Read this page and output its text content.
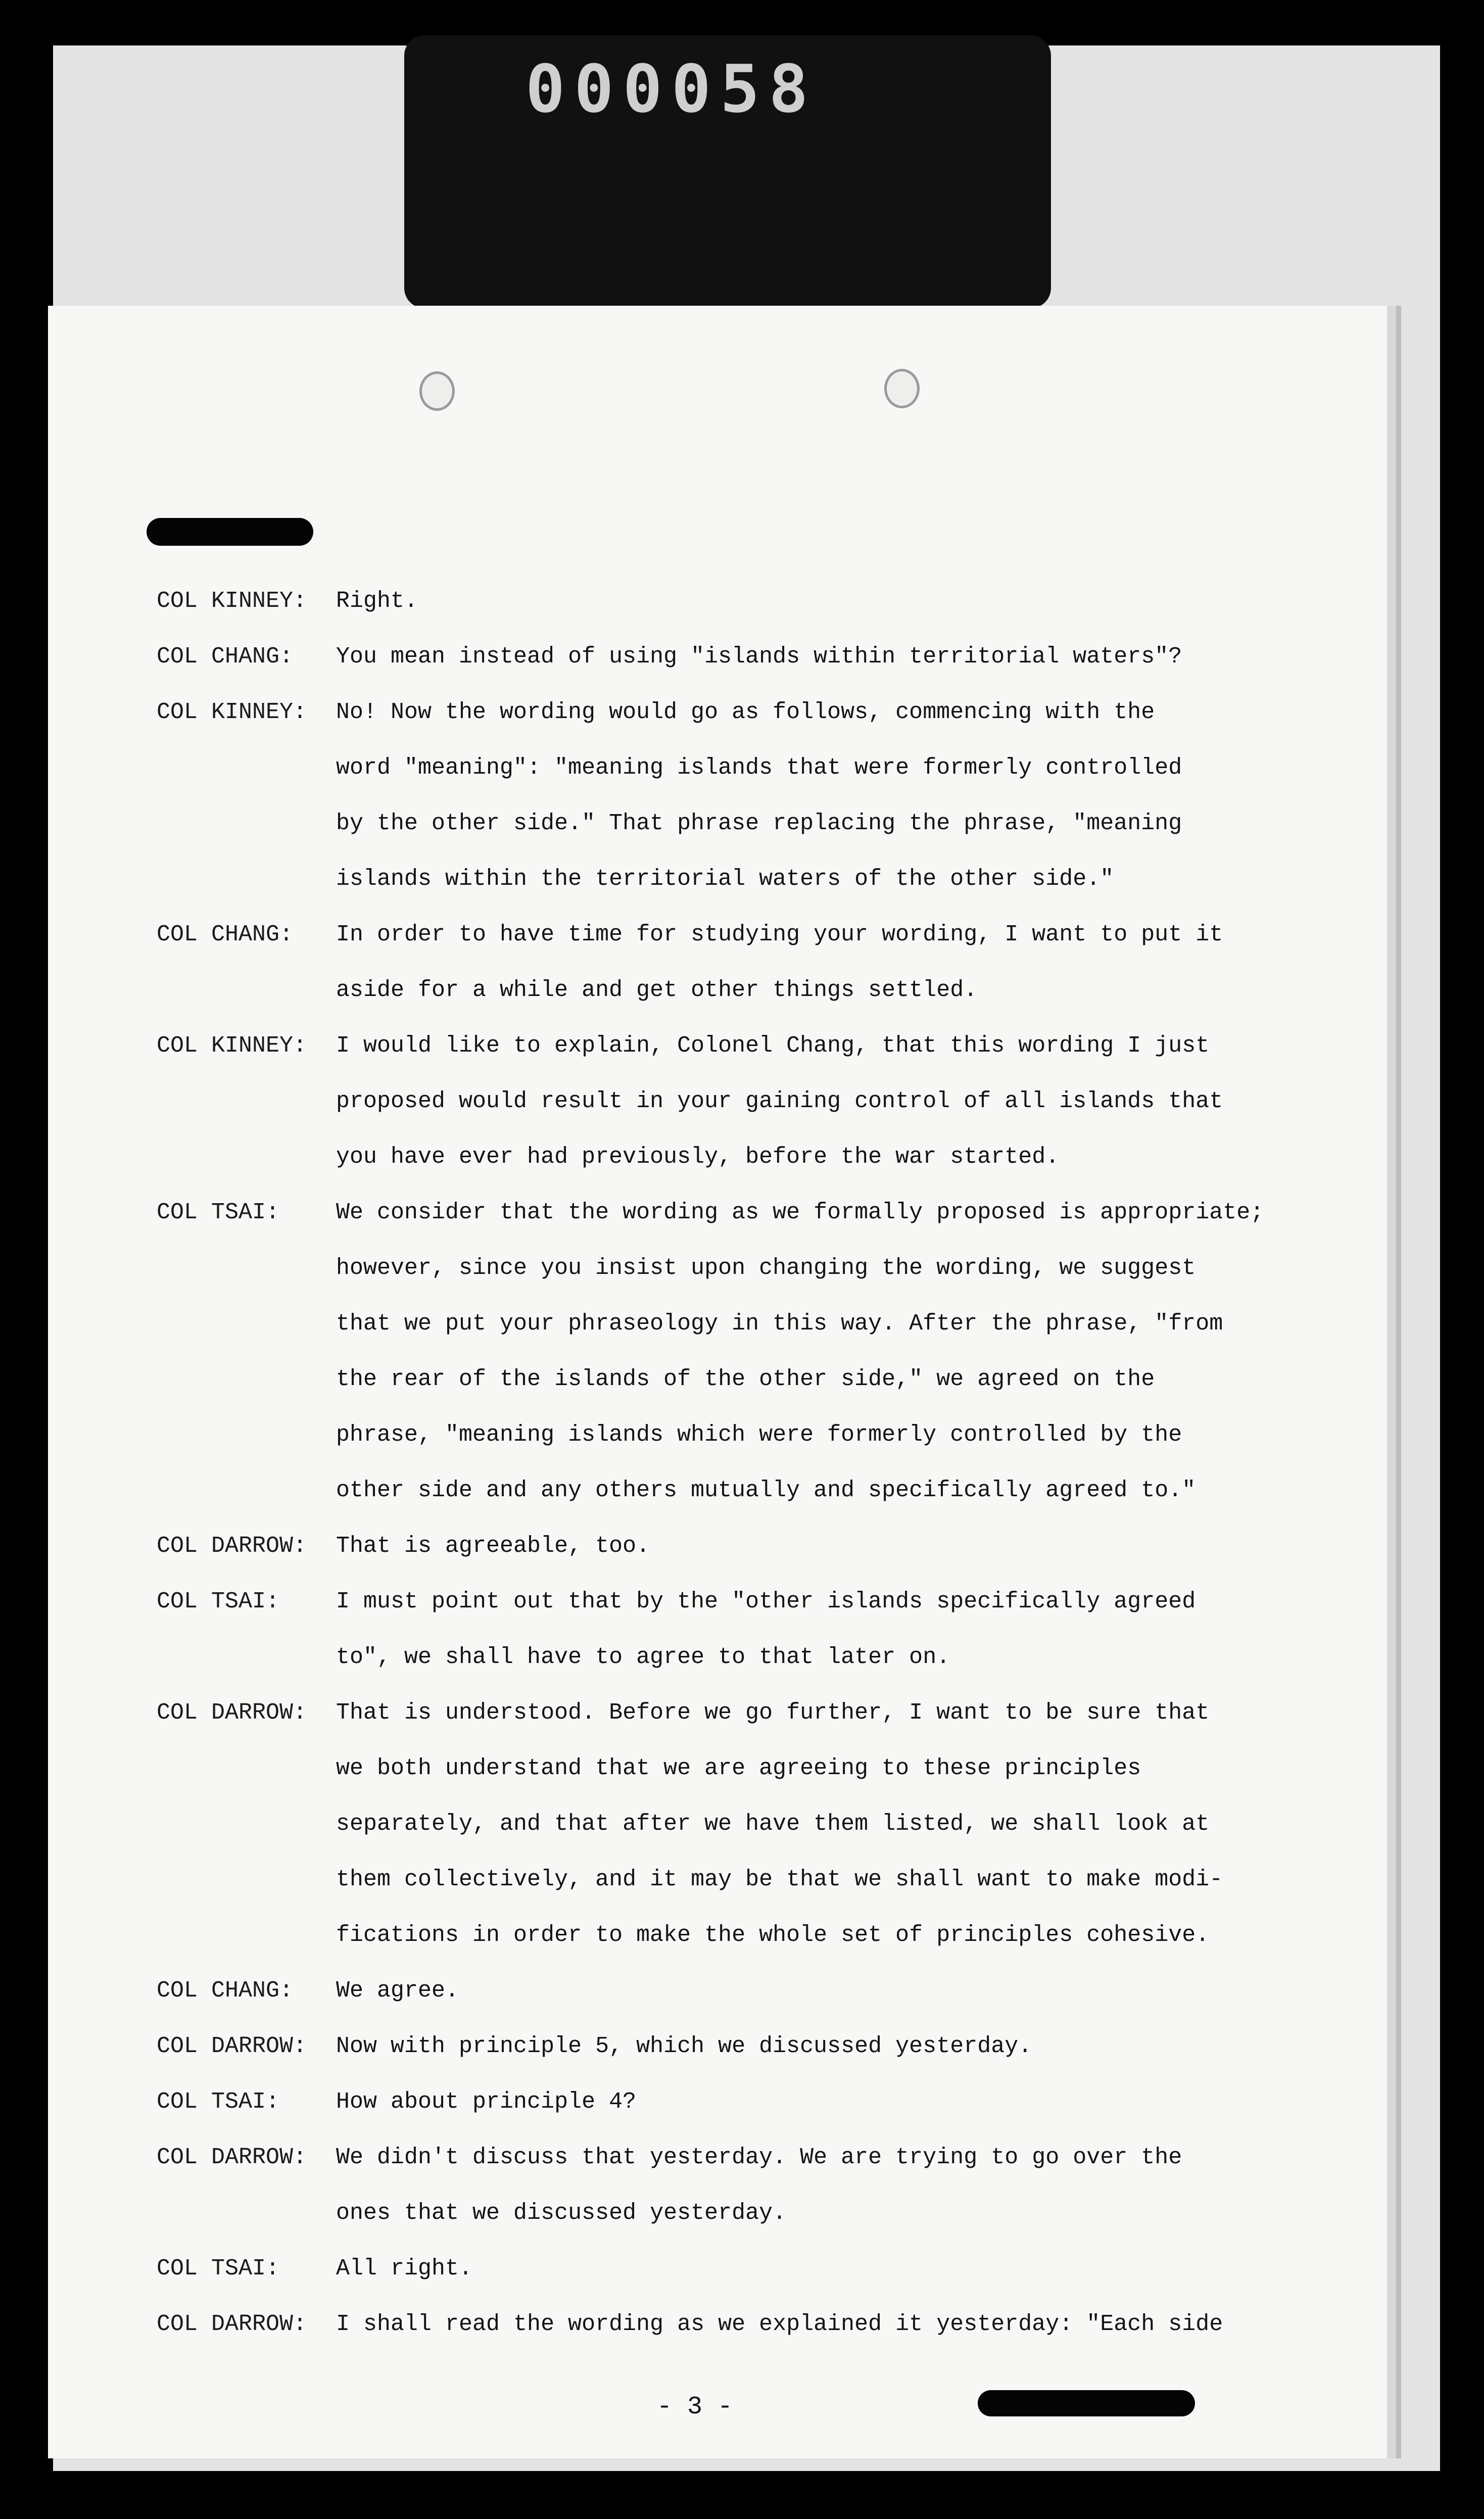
000058
COL KINNEY:	Right.
COL CHANG:	You mean instead of using "islands within territorial waters"?
COL KINNEY:	No! Now the wording would go as follows, commencing with the
word "meaning": "meaning islands that were formerly controlled
by the other side." That phrase replacing the phrase, "meaning
islands within the territorial waters of the other side."
COL CHANG:	In order to have time for studying your wording, I want to put it
aside for a while and get other things settled.
COL KINNEY:	I would like to explain, Colonel Chang, that this wording I just
proposed would result in your gaining control of all islands that
you have ever had previously, before the war started.
COL TSAI:	We consider that the wording as we formally proposed is appropriate;
however, since you insist upon changing the wording, we suggest
that we put your phraseology in this way. After the phrase, "from
the rear of the islands of the other side," we agreed on the
phrase, "meaning islands which were formerly controlled by the
other side and any others mutually and specifically agreed to."
COL DARROW:	That is agreeable, too.
COL TSAI:	I must point out that by the "other islands specifically agreed
to", we shall have to agree to that later on.
COL DARROW:	That is understood. Before we go further, I want to be sure that
we both understand that we are agreeing to these principles
separately, and that after we have them listed, we shall look at
them collectively, and it may be that we shall want to make modi-
fications in order to make the whole set of principles cohesive.
COL CHANG:	We agree.
COL DARROW:	Now with principle 5, which we discussed yesterday.
COL TSAI:	How about principle 4?
COL DARROW:	We didn't discuss that yesterday. We are trying to go over the
ones that we discussed yesterday.
COL TSAI:	All right.
COL DARROW:	I shall read the wording as we explained it yesterday: "Each side
- 3 -
